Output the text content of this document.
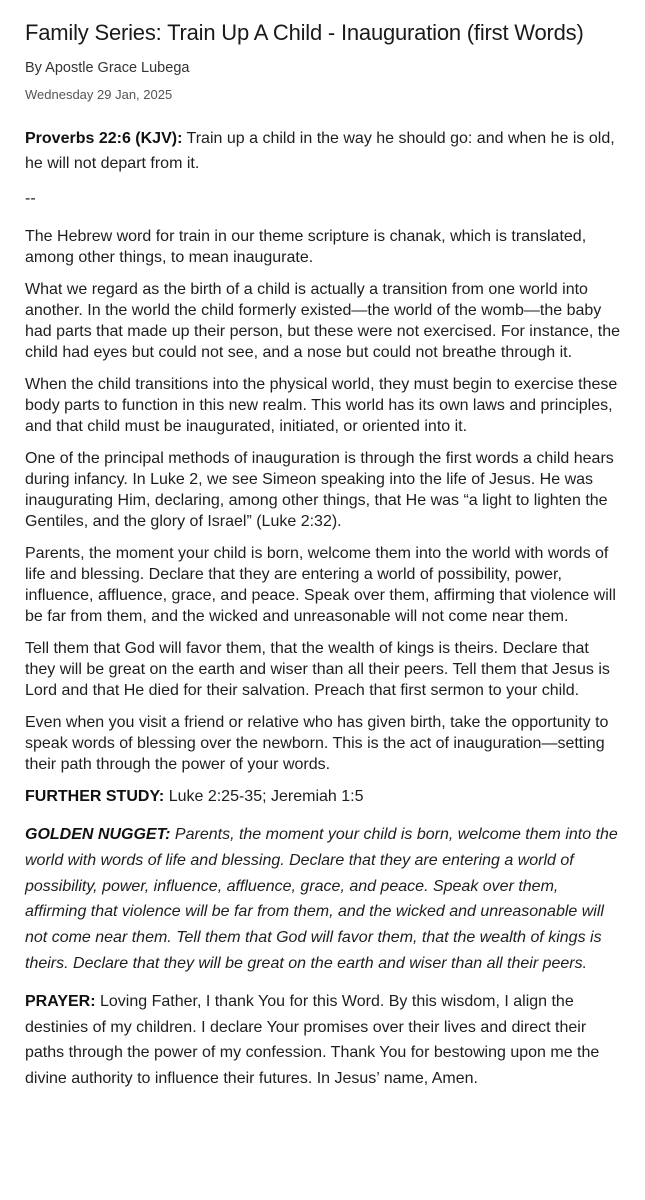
Family Series: Train Up A Child - Inauguration (first Words)
By Apostle Grace Lubega
Wednesday 29 Jan, 2025

Proverbs 22:6 (KJV): Train up a child in the way he should go: and when he is old, he will not depart from it.

--

The Hebrew word for train in our theme scripture is chanak, which is translated, among other things, to mean inaugurate.

What we regard as the birth of a child is actually a transition from one world into another. In the world the child formerly existed—the world of the womb—the baby had parts that made up their person, but these were not exercised. For instance, the child had eyes but could not see, and a nose but could not breathe through it.

When the child transitions into the physical world, they must begin to exercise these body parts to function in this new realm. This world has its own laws and principles, and that child must be inaugurated, initiated, or oriented into it.

One of the principal methods of inauguration is through the first words a child hears during infancy. In Luke 2, we see Simeon speaking into the life of Jesus. He was inaugurating Him, declaring, among other things, that He was “a light to lighten the Gentiles, and the glory of Israel” (Luke 2:32).

Parents, the moment your child is born, welcome them into the world with words of life and blessing. Declare that they are entering a world of possibility, power, influence, affluence, grace, and peace. Speak over them, affirming that violence will be far from them, and the wicked and unreasonable will not come near them.

Tell them that God will favor them, that the wealth of kings is theirs. Declare that they will be great on the earth and wiser than all their peers. Tell them that Jesus is Lord and that He died for their salvation. Preach that first sermon to your child.

Even when you visit a friend or relative who has given birth, take the opportunity to speak words of blessing over the newborn. This is the act of inauguration—setting their path through the power of your words.

FURTHER STUDY: Luke 2:25-35; Jeremiah 1:5

GOLDEN NUGGET: Parents, the moment your child is born, welcome them into the world with words of life and blessing. Declare that they are entering a world of possibility, power, influence, affluence, grace, and peace. Speak over them, affirming that violence will be far from them, and the wicked and unreasonable will not come near them. Tell them that God will favor them, that the wealth of kings is theirs. Declare that they will be great on the earth and wiser than all their peers.

PRAYER: Loving Father, I thank You for this Word. By this wisdom, I align the destinies of my children. I declare Your promises over their lives and direct their paths through the power of my confession. Thank You for bestowing upon me the divine authority to influence their futures. In Jesus’ name, Amen.
